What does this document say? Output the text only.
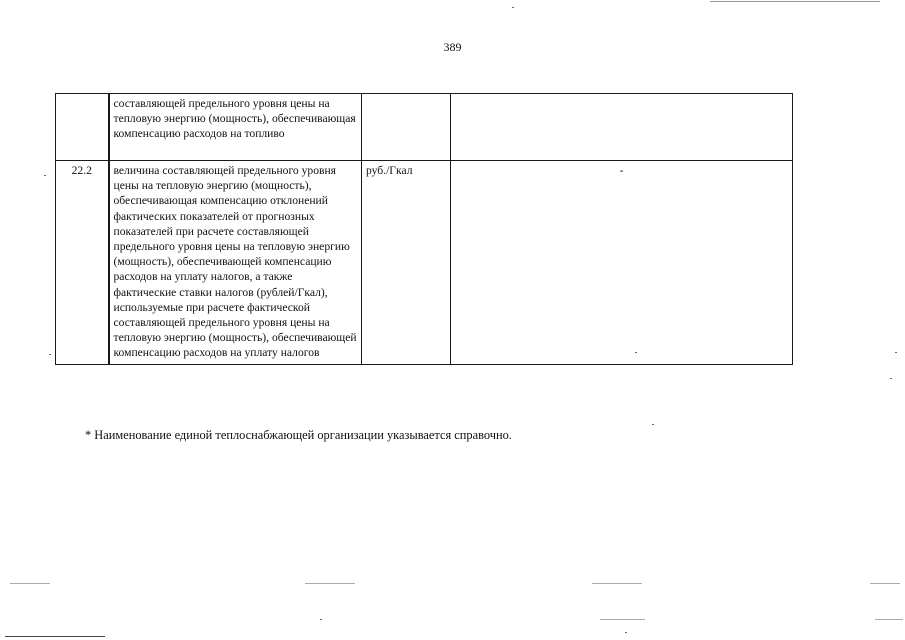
389
	составляющей предельного уровня цены на тепловую энергию (мощность), обеспечивающая компенсацию расходов на топливо		
22.2	величина составляющей предельного уровня цены на тепловую энергию (мощность), обеспечивающая компенсацию отклонений фактических показателей от прогнозных показателей при расчете составляющей предельного уровня цены на тепловую энергию (мощность), обеспечивающей компенсацию расходов на уплату налогов, а также фактические ставки налогов (рублей/Гкал), используемые при расчете фактической составляющей предельного уровня цены на тепловую энергию (мощность), обеспечивающей компенсацию расходов на уплату налогов	руб./Гкал	-
* Наименование единой теплоснабжающей организации указывается справочно.
